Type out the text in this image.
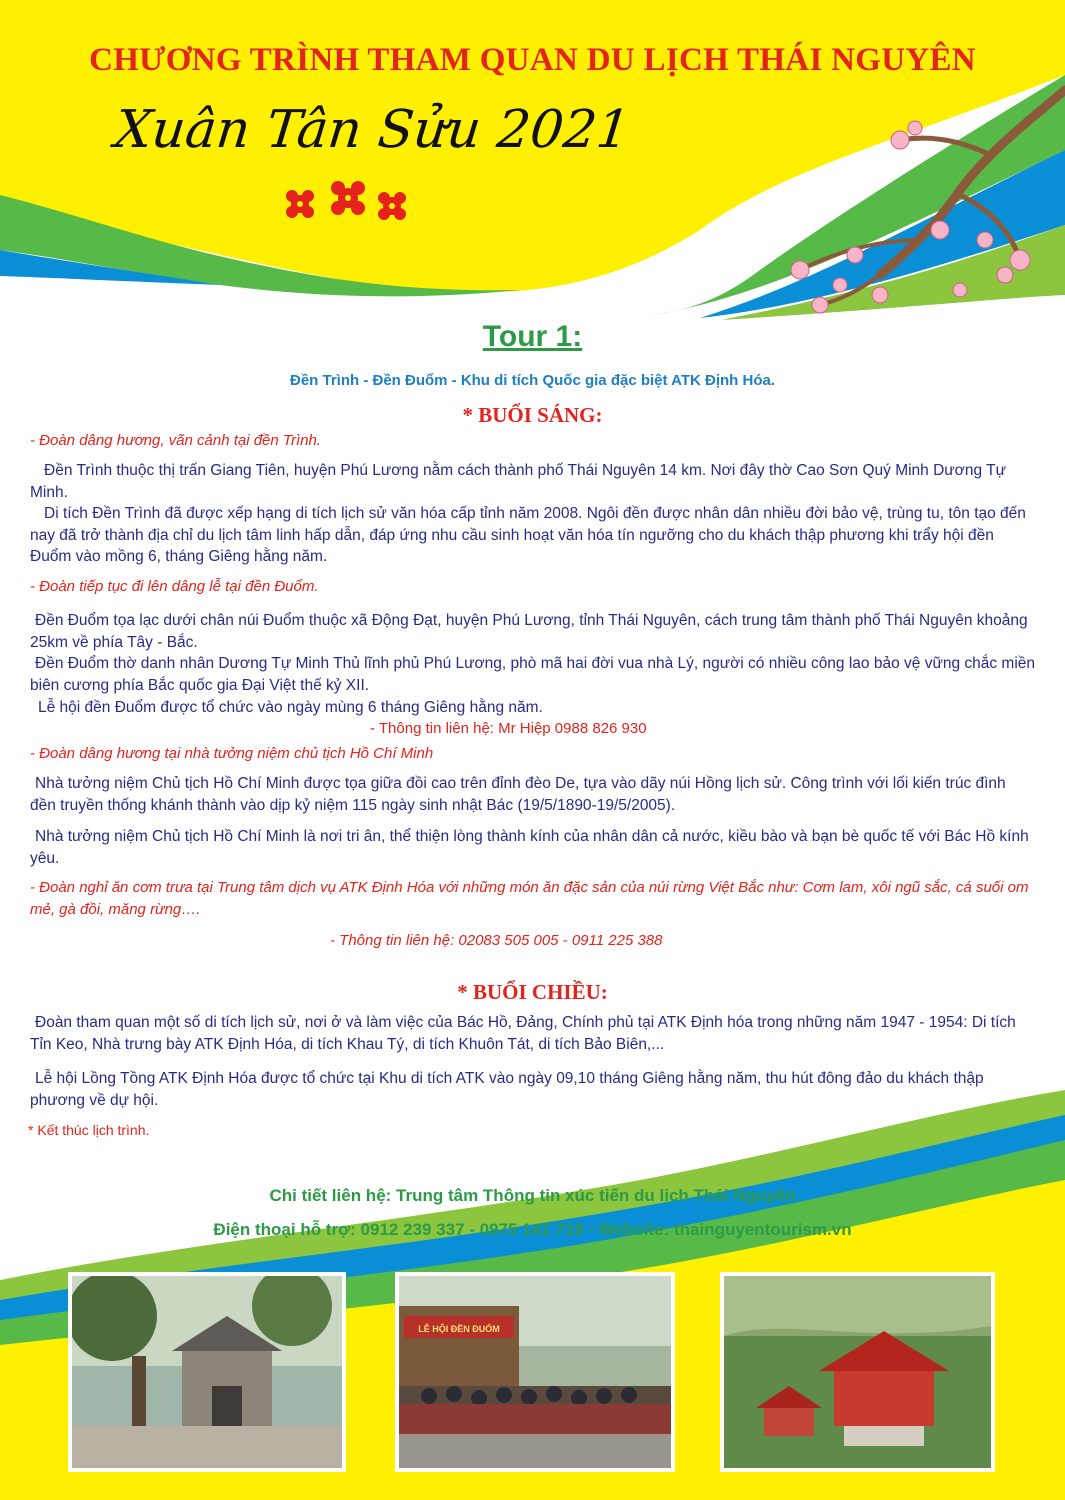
CHƯƠNG TRÌNH THAM QUAN DU LỊCH THÁI NGUYÊN
Xuân Tân Sửu 2021
Tour 1:
Đền Trình - Đền Đuổm - Khu di tích Quốc gia đặc biệt ATK Định Hóa.
* BUỔI SÁNG:
- Đoàn dâng hương, vãn cảnh tại đền Trình.
Đền Trình thuộc thị trấn Giang Tiên, huyện Phú Lương nằm cách thành phố Thái Nguyên 14 km. Nơi đây thờ Cao Sơn Quý Minh Dương Tự Minh.
Di tích Đền Trình đã được xếp hạng di tích lịch sử văn hóa cấp tỉnh năm 2008. Ngôi đền được nhân dân nhiều đời bảo vệ, trùng tu, tôn tạo đến nay đã trở thành địa chỉ du lịch tâm linh hấp dẫn, đáp ứng nhu cầu sinh hoạt văn hóa tín ngưỡng cho du khách thập phương khi trẩy hội đền Đuổm vào mồng 6, tháng Giêng hằng năm.
- Đoàn tiếp tục đi lên dâng lễ tại đền Đuổm.
Đền Đuổm tọa lạc dưới chân núi Đuổm thuộc xã Động Đạt, huyện Phú Lương, tỉnh Thái Nguyên, cách trung tâm thành phố Thái Nguyên khoảng 25km về phía Tây - Bắc.
Đền Đuổm thờ danh nhân Dương Tự Minh Thủ lĩnh phủ Phú Lương, phò mã hai đời vua nhà Lý, người có nhiều công lao bảo vệ vững chắc miền biên cương phía Bắc quốc gia Đại Việt thế kỷ XII.
Lễ hội đền Đuổm được tổ chức vào ngày mùng 6 tháng Giêng hằng năm.
- Thông tin liên hệ: Mr Hiệp 0988 826 930
- Đoàn dâng hương tại nhà tưởng niệm chủ tịch Hồ Chí Minh
Nhà tưởng niệm Chủ tịch Hồ Chí Minh được tọa giữa đồi cao trên đỉnh đèo De, tựa vào dãy núi Hồng lịch sử. Công trình với lối kiến trúc đình đền truyền thống khánh thành vào dịp kỷ niệm 115 ngày sinh nhật Bác (19/5/1890-19/5/2005).
Nhà tưởng niệm Chủ tịch Hồ Chí Minh là nơi tri ân, thể thiện lòng thành kính của nhân dân cả nước, kiều bào và bạn bè quốc tế với Bác Hồ kính yêu.
- Đoàn nghỉ ăn cơm trưa tại Trung tâm dịch vụ ATK Định Hóa với những món ăn đặc sản của núi rừng Việt Bắc như: Cơm lam, xôi ngũ sắc, cá suối om mẻ, gà đồi, măng rừng….
- Thông tin liên hệ: 02083 505 005 - 0911 225 388
* BUỔI CHIỀU:
Đoàn tham quan một số di tích lịch sử, nơi ở và làm việc của Bác Hồ, Đảng, Chính phủ tại ATK Định hóa trong những năm 1947 - 1954: Di tích Tỉn Keo, Nhà trưng bày ATK Định Hóa, di tích Khau Tý, di tích Khuôn Tát, di tích Bảo Biên,...
Lễ hội Lồng Tồng ATK Định Hóa được tổ chức tại Khu di tích ATK vào ngày 09,10 tháng Giêng hằng năm, thu hút đông đảo du khách thập phương về dự hội.
* Kết thúc lịch trình.
Chi tiết liên hệ: Trung tâm Thông tin xúc tiến du lịch Thái Nguyên
Điện thoại hỗ trợ: 0912 239 337 - 0975 141 719 - Website: thainguyentourism.vn
LỄ HỘI ĐỀN ĐUỔM
